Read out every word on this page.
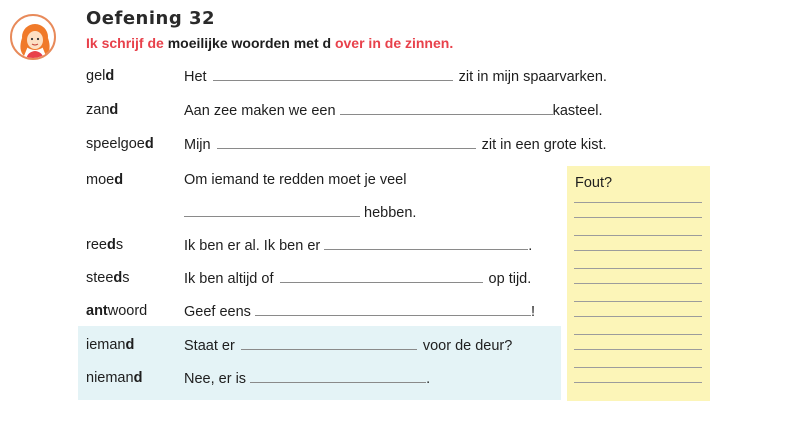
Oefening 32
Ik schrijf de moeilijke woorden met d over in de zinnen.
Fout?
geld	Het	zit in mijn spaarvarken.
zand	Aan zee maken we een	kasteel.
speelgoed Mijn	zit in een grote kist.
moed	Om iemand te redden moet je veel
hebben.
reeds	Ik ben er al. Ik ben er	.
steeds	Ik ben altijd of	op tijd.
antwoord	Geef eens	!
iemand	Staat er	voor de deur?
niemand	Nee, er is	.
